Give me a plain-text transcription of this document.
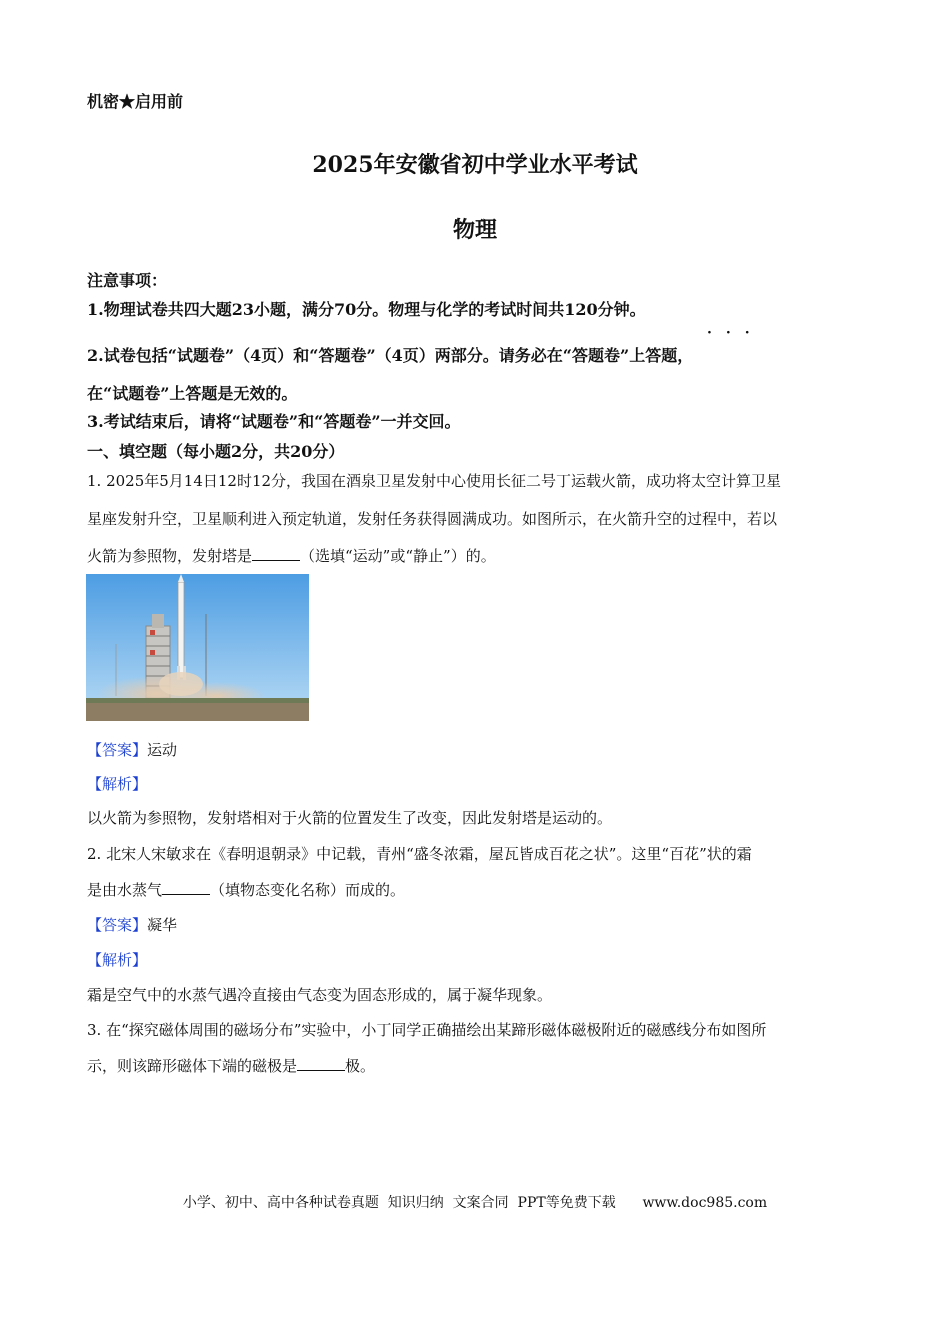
机密★启用前
2025年安徽省初中学业水平考试
物理
注意事项：
1.物理试卷共四大题23小题，满分70分。物理与化学的考试时间共120分钟。
···
2.试卷包括“试题卷”（4页）和“答题卷”（4页）两部分。请务必在“答题卷”上答题，
在“试题卷”上答题是无效的。
3.考试结束后，请将“试题卷”和“答题卷”一并交回。
一、填空题（每小题2分，共20分）
1. 2025年5月14日12时12分，我国在酒泉卫星发射中心使用长征二号丁运载火箭，成功将太空计算卫星
星座发射升空，卫星顺利进入预定轨道，发射任务获得圆满成功。如图所示，在火箭升空的过程中，若以
火箭为参照物，发射塔是	（选填“运动”或“静止”）的。
【答案】运动
【解析】
以火箭为参照物，发射塔相对于火箭的位置发生了改变，因此发射塔是运动的。
2. 北宋人宋敏求在《春明退朝录》中记载，青州“盛冬浓霜，屋瓦皆成百花之状”。这里“百花”状的霜
是由水蒸气	（填物态变化名称）而成的。
【答案】凝华
【解析】
霜是空气中的水蒸气遇冷直接由气态变为固态形成的，属于凝华现象。
3. 在“探究磁体周围的磁场分布”实验中，小丁同学正确描绘出某蹄形磁体磁极附近的磁感线分布如图所
示，则该蹄形磁体下端的磁极是	极。
小学、初中、高中各种试卷真题  知识归纳  文案合同  PPT等免费下载      www.doc985.com
